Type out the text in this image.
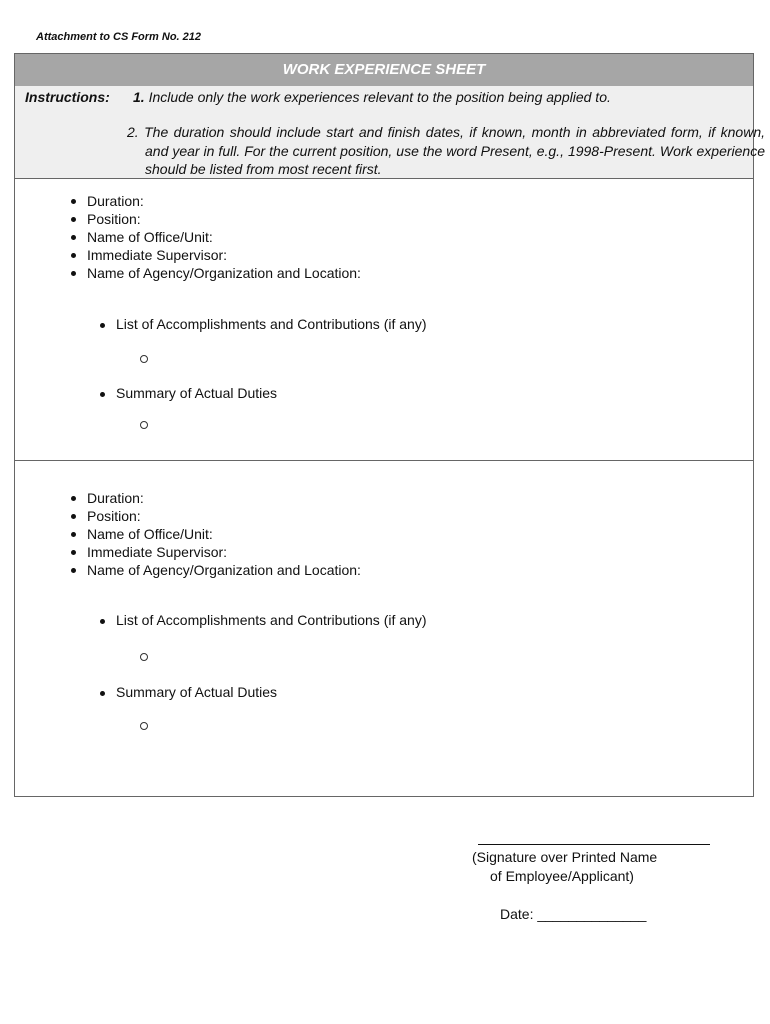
Attachment to CS Form No. 212
WORK EXPERIENCE SHEET
Instructions: 1. Include only the work experiences relevant to the position being applied to.
2. The duration should include start and finish dates, if known, month in abbreviated form, if known, and year in full. For the current position, use the word Present, e.g., 1998-Present. Work experience should be listed from most recent first.
Duration:
Position:
Name of Office/Unit:
Immediate Supervisor:
Name of Agency/Organization and Location:
List of Accomplishments and Contributions (if any)
Summary of Actual Duties
Duration:
Position:
Name of Office/Unit:
Immediate Supervisor:
Name of Agency/Organization and Location:
List of Accomplishments and Contributions (if any)
Summary of Actual Duties
(Signature over Printed Name
of Employee/Applicant)
Date: ______________
